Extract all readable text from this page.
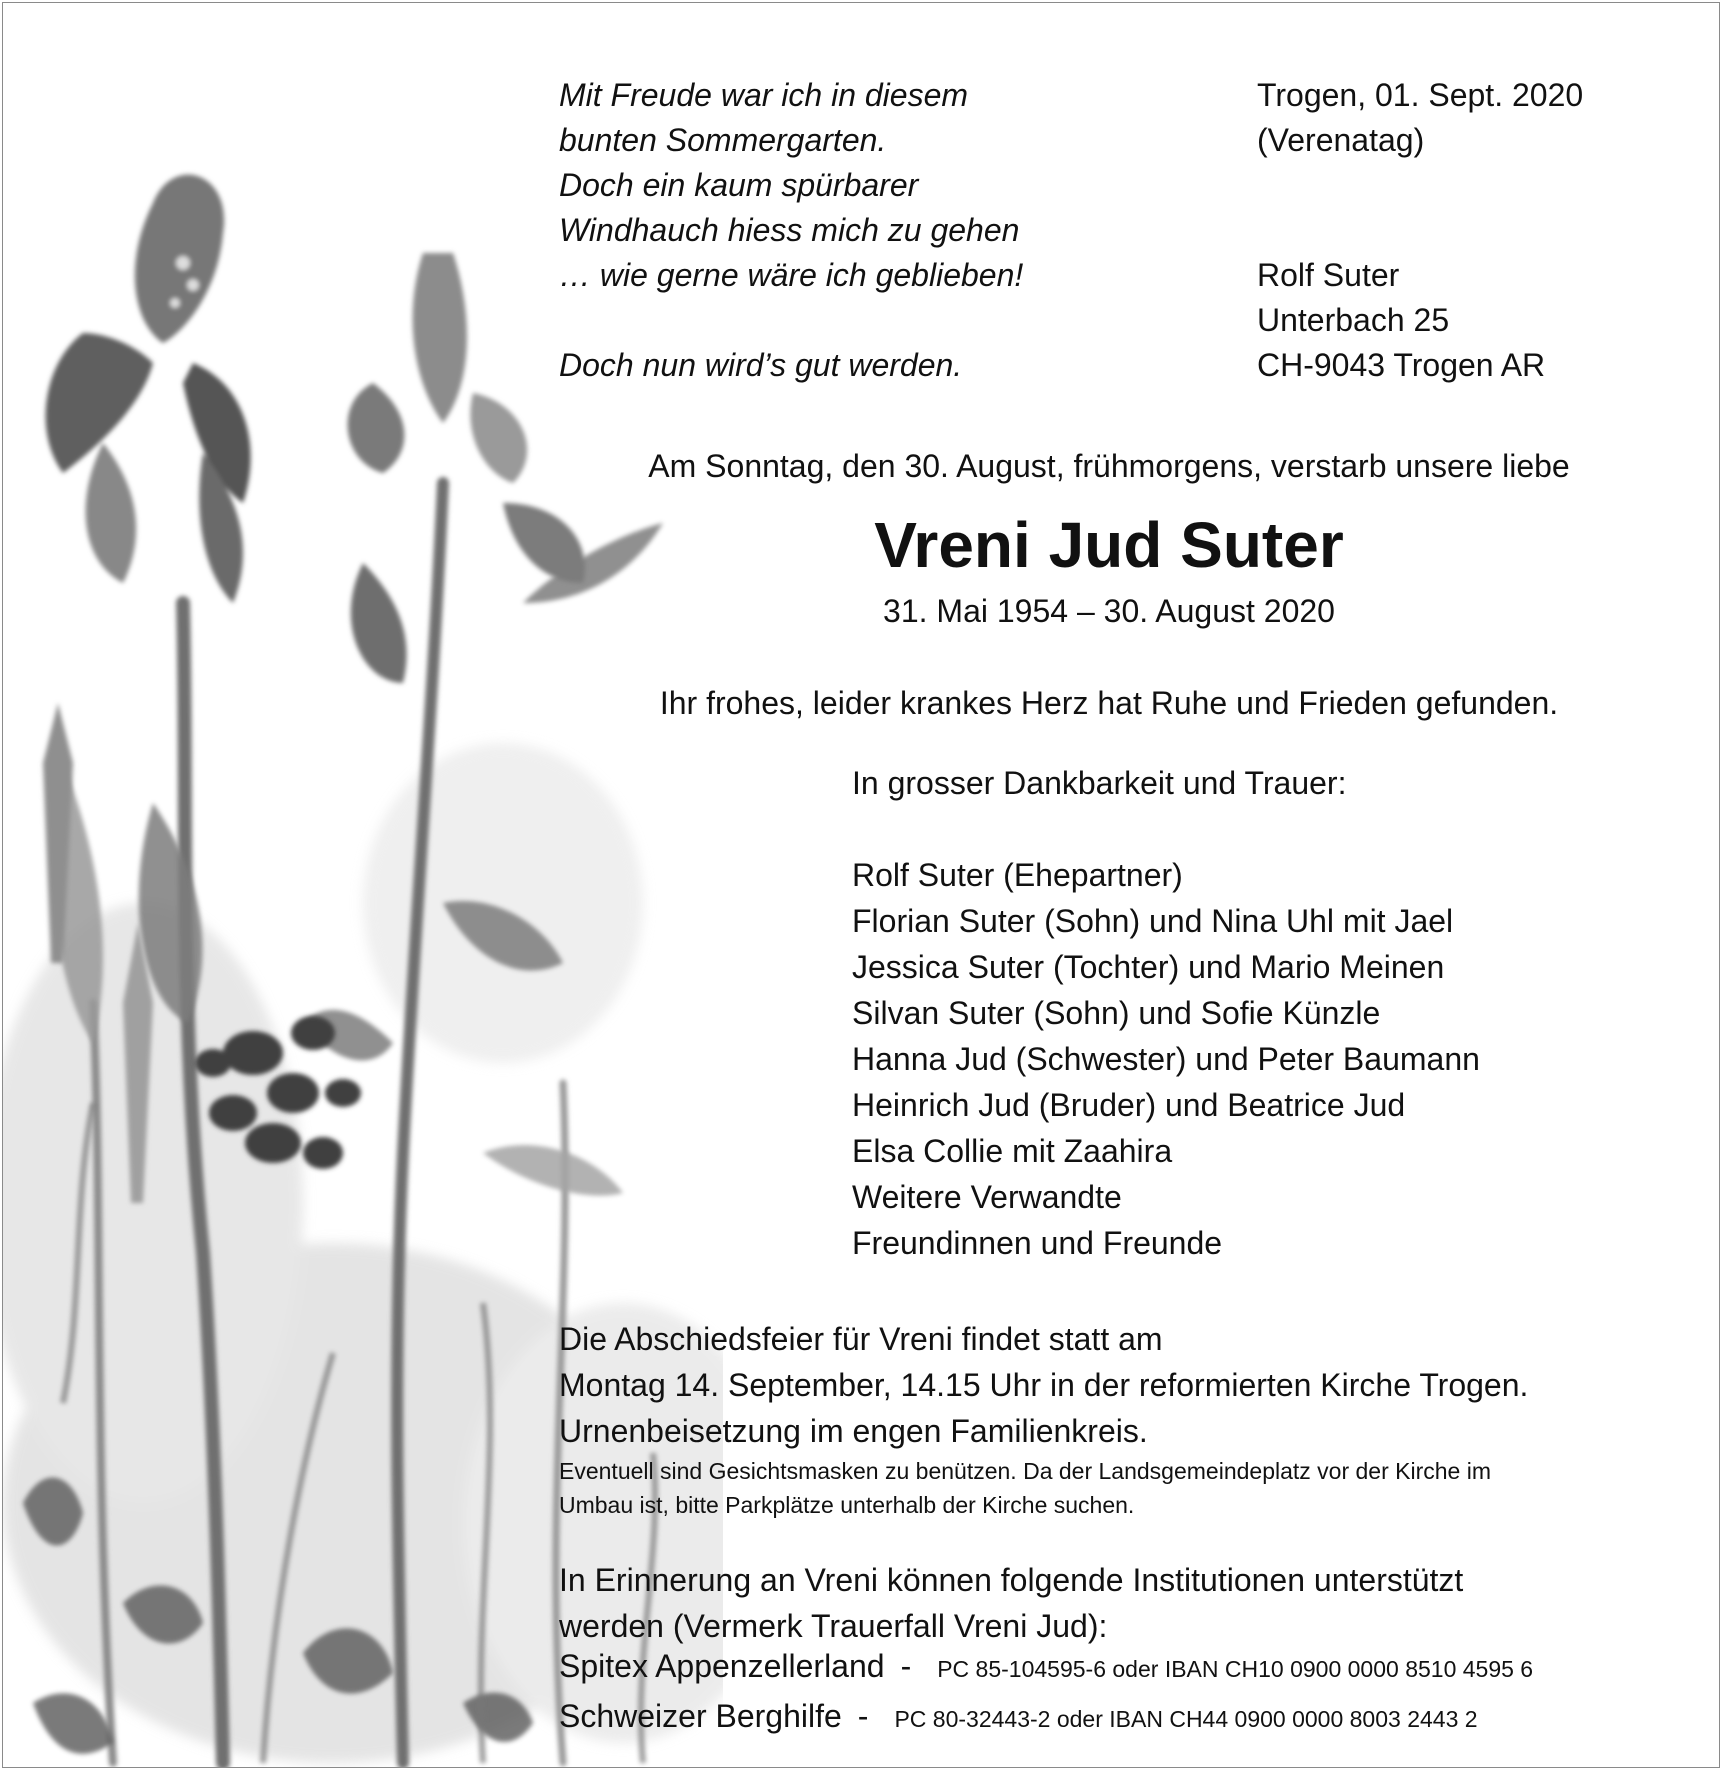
Mit Freude war ich in diesem
bunten Sommergarten.
Doch ein kaum spürbarer
Windhauch hiess mich zu gehen
… wie gerne wäre ich geblieben!
Doch nun wird’s gut werden.
Trogen, 01. Sept. 2020
(Verenatag)
Rolf Suter
Unterbach 25
CH-9043 Trogen AR
Am Sonntag, den 30. August, frühmorgens, verstarb unsere liebe
Vreni Jud Suter
31. Mai 1954 – 30. August 2020
Ihr frohes, leider krankes Herz hat Ruhe und Frieden gefunden.
In grosser Dankbarkeit und Trauer:
Rolf Suter (Ehepartner)
Florian Suter (Sohn) und Nina Uhl mit Jael
Jessica Suter (Tochter) und Mario Meinen
Silvan Suter (Sohn) und Sofie Künzle
Hanna Jud (Schwester) und Peter Baumann
Heinrich Jud (Bruder) und Beatrice Jud
Elsa Collie mit Zaahira
Weitere Verwandte
Freundinnen und Freunde
Die Abschiedsfeier für Vreni findet statt am
Montag 14. September, 14.15 Uhr in der reformierten Kirche Trogen.
Urnenbeisetzung im engen Familienkreis.
Eventuell sind Gesichtsmasken zu benützen. Da der Landsgemeindeplatz vor der Kirche im
Umbau ist, bitte Parkplätze unterhalb der Kirche suchen.
In Erinnerung an Vreni können folgende Institutionen unterstützt
werden (Vermerk Trauerfall Vreni Jud):
Spitex Appenzellerland - PC 85-104595-6 oder IBAN CH10 0900 0000 8510 4595 6
Schweizer Berghilfe - PC 80-32443-2 oder IBAN CH44 0900 0000 8003 2443 2
